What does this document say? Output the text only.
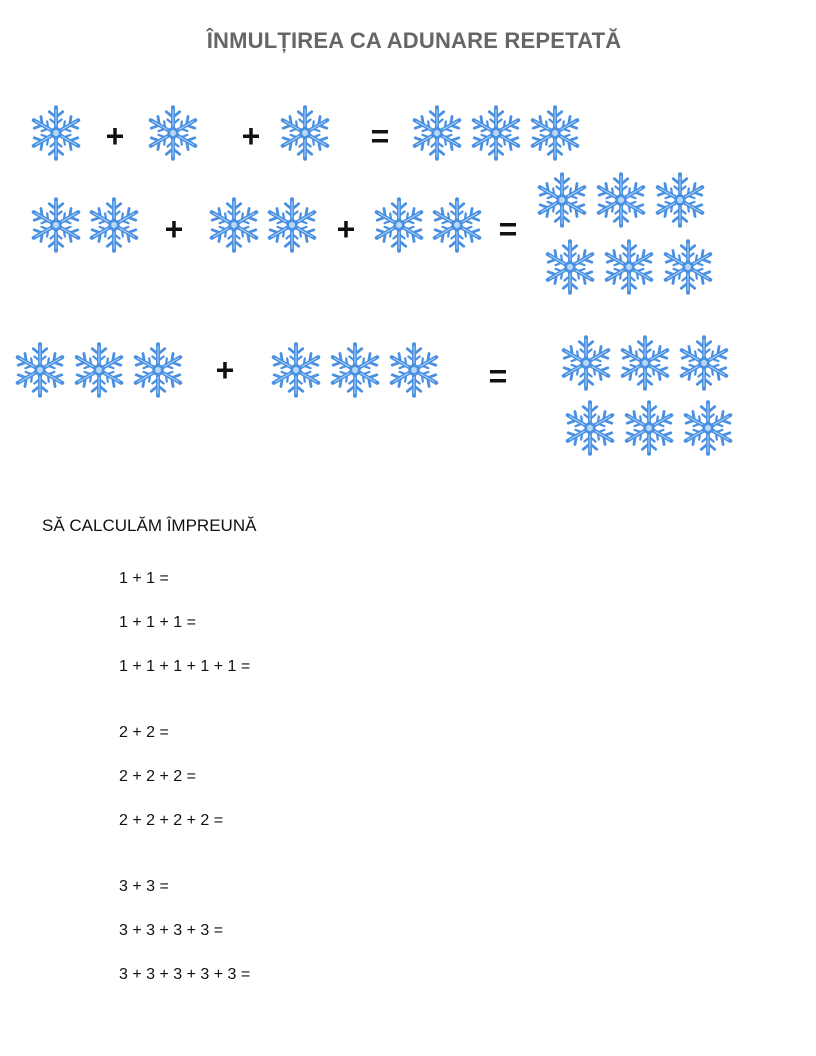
ÎNMULȚIREA CA ADUNARE REPETATĂ
+	+	=
+	+	=
+	=
SĂ CALCULĂM ÎMPREUNĂ
1 + 1 =
1 + 1 + 1 =
1 + 1 + 1 + 1 + 1 =
2 + 2 =
2 + 2 + 2 =
2 + 2 + 2 + 2 =
3 + 3 =
3 + 3 + 3 + 3 =
3 + 3 + 3 + 3 + 3 =
